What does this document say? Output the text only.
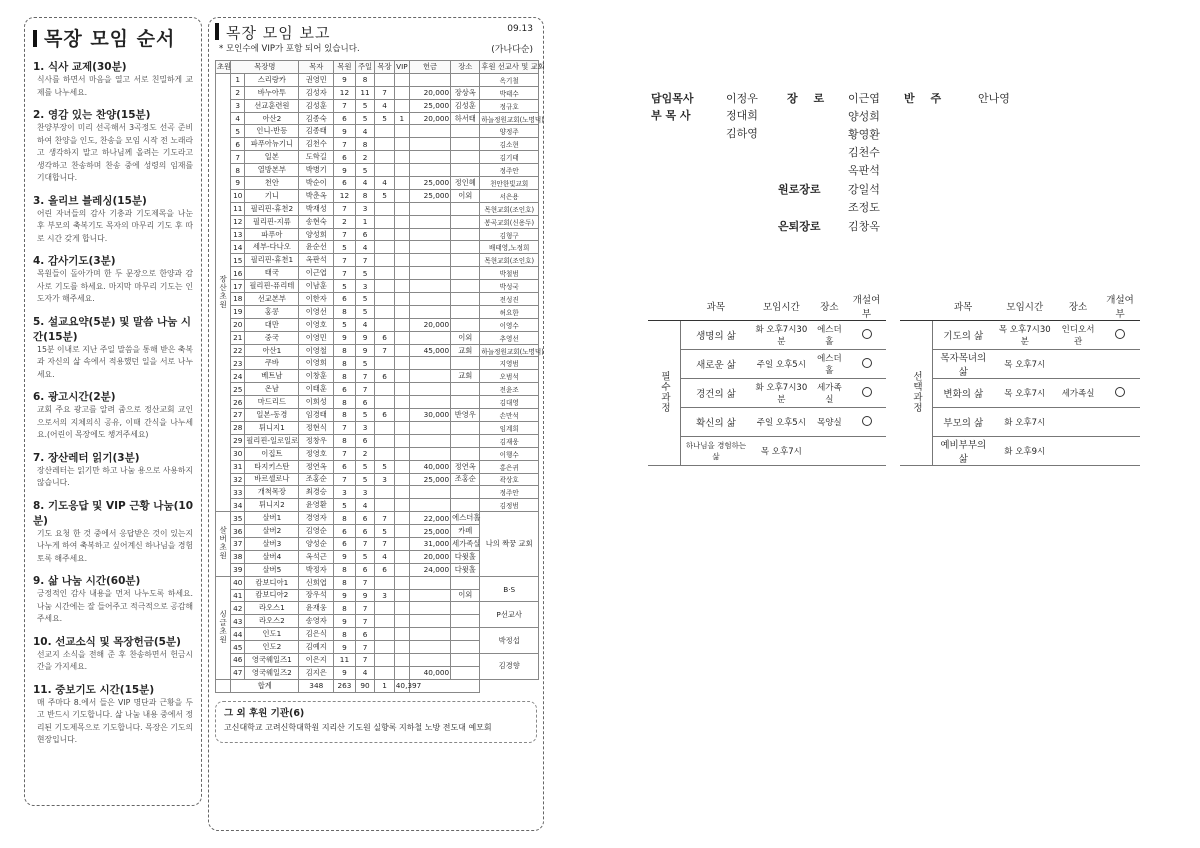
목장 모임 순서
1. 식사 교제(30분)
식사를 하면서 마음을 열고 서로 친밀하게 교제를 나누세요.
2. 영감 있는 찬양(15분)
찬양부장이 미리 선곡해서 3곡정도 선곡 준비하여 찬양을 인도, 찬송을 모임 시작 전 노래라고 생각하지 말고 하나님께 올려는 기도라고 생각하고 찬송하며 찬송 중에 성령의 임재를 기대합니다.
3. 올리브 블레싱(15분)
어린 자녀들의 감사 기충과 기도제목을 나눈 후 부모의 축복기도 목자의 마무리 기도 후 따로 시간 갖게 합니다.
4. 감사기도(3분)
목원들이 돌아가며 한 두 문장으로 한양과 감사로 기도를 하세요. 마지막 마무리 기도는 인도자가 해주세요.
5. 설교요약(5분) 및 말씀 나눔 시간(15분)
15분 이내로 지난 주일 말씀을 통해 받은 축복과 자신의 삶 속에서 적용했던 일을 서로 나누세요.
6. 광고시간(2분)
교회 주요 광고를 알려 줌으로 정산교회 교인으로서의 지체의식 공유, 이때 간식을 나누세요.(어린이 목장에도 챙겨주세요)
7. 장산레터 읽기(3분)
장산레터는 읽기만 하고 나눔 용으로 사용하지 않습니다.
8. 기도응답 및 VIP 근황 나눔(10분)
기도 요청 한 것 중에서 응답받은 것이 있는지 나누게 하여 축복하고 싶어계신 하나님을 경험토록 해주세요.
9. 삶 나눔 시간(60분)
긍정적인 감사 내용을 먼저 나누도록 하세요. 나눔 시간에는 잘 들어주고 적극적으로 공감해 주세요.
10. 선교소식 및 목장헌금(5분)
선교지 소식을 전해 준 후 찬송하면서 헌금시간을 가지세요.
11. 중보기도 시간(15분)
매 주마다 8.에서 들은 VIP 명단과 근황을 두고 반드시 기도합니다. 삶 나눔 내용 중에서 정리된 기도제목으로 기도합니다. 목장은 기도의 현장입니다.
목장 모임 보고	09.13
* 모인수에 VIP가 포함 되어 있습니다.	(가나다순)
초원	목장명		목자	목원	주일	목장	VIP	헌금	장소	후원 선교사 및 교회
장산초원	1	스리랑카	권영민	9	8					옥기철
	2	바누아투	김성자	12	11	7		20,000	장상옥	박태수
	3	선교훈련원	김성훈	7	5	4		25,000	김성훈	정규호
	4	아산2	김종숙	6	5	5	1	20,000	하서태	하늘정원교회(노명덕)
	5	인니-반등	김종태	9	4					양정주
	6	파푸아뉴기니	김천수	7	8					김소현
	7	일본	도학길	6	2					김기태
	8	열방본부	박병기	9	5					정주안
	9	천안	박순이	6	4	4		25,000	정인혜	천안한빛교회
	10	기니	박춘옥	12	8	5		25,000	이외	서은용
	11	필리핀-휴천2	박재성	7	3					목현교회(조인호)
	12	필리핀-지류	송현숙	2	1					봉곡교회(신용두)
	13	파푸아	양성희	7	6					김형구
	14	세부-다나오	윤순선	5	4					배태영,노정희
	15	필리핀-휴천1	옥판석	7	7					목현교회(조인호)
	16	태국	이근엽	7	5					박철범
	17	필리핀-퓨리테	이남훈	5	3					박성국
	18	선교본부	이한자	6	5					전성진
	19	홍콩	이영선	8	5					허요한
	20	대만	이영호	5	4			20,000		이영수
	21	중국	이영민	9	9	6			이외	추영선
	22	아산1	이영철	8	9	7		45,000	교회	하늘정원교회(노명덕)
	23	쿠바	이영희	8	5					지영범
	24	베트남	이창훈	8	7	6			교회	오범석
	25	온남	이태훈	6	7					전윤조
	26	마드리드	이희성	8	6					김대영
	27	일본-동경	임경태	8	5	6		30,000	반영우	손만석
	28	튀니지1	정현식	7	3					임계희
	29	필리핀-일로일로	정창우	8	6					김재웅
	30	이집트	정영호	7	2					이행수
	31	타지키스탄	정연옥	6	5	5		40,000	정연옥	홍은귀
	32	바르셀로나	조홍순	7	5	3		25,000	조홍순	곽상호
	33	개척목장	최경승	3	3					정주안
	34	튀니지2	윤영환	5	4					김정범
살버초원	35	살버1	경영자	8	6	7		22,000	에스더홀	나의 짝꿍 교회
	36	살버2	김영순	6	6	5		25,000	카페	
	37	살버3	양성순	6	7	7		31,000	세가족실	
	38	살버4	옥석근	9	5	4		20,000	다윗홀	
	39	살버5	박정자	8	6	6		24,000	다윗홀	
싱글초원	40	캄보디아1	신희엽	8	7					B·S
	41	캄보디아2	장우석	9	9	3			이외	
	42	라오스1	윤재웅	8	7					P선교사
	43	라오스2	송영자	9	7					
	44	인도1	김은식	8	6					박정섭
	45	인도2	김예지	9	7					
	46	영국웨일즈1	이은지	11	7					김경향
	47	영국웨일즈2	김지은	9	4			40,000		
	합계		348	263	90	1	40,397			
그 외 후원 기관(6)
고신대학교 고려신학대학원 지리산 기도원 실향록 지하철 노방 전도대 예모회
담임목사
부 목 사
이정우
정대희
김하영
장 로 이근엽
양성희
황영환
김천수
옥판석
반 주	안나영
원로장로 강일석
조정도
은퇴장로 김창옥
	과목	모임시간	장소	개설여부
필수과정	생명의 삶	화 오후7시30분	에스더홀	
	새로운 삶	주일 오후5시	에스더홀	
	경건의 삶	화 오후7시30분	세가족실	
	확신의 삶	주일 오후5시	목양실	
	하나님을 경험하는 삶	목 오후7시		
	과목	모임시간	장소	개설여부
선택과정	기도의 삶	목 오후7시30분	인디오서관	
	목자목녀의 삶	목 오후7시		
	변화의 삶	목 오후7시	세가족실	
	부모의 삶	화 오후7시		
	예비부부의 삶	화 오후9시		
